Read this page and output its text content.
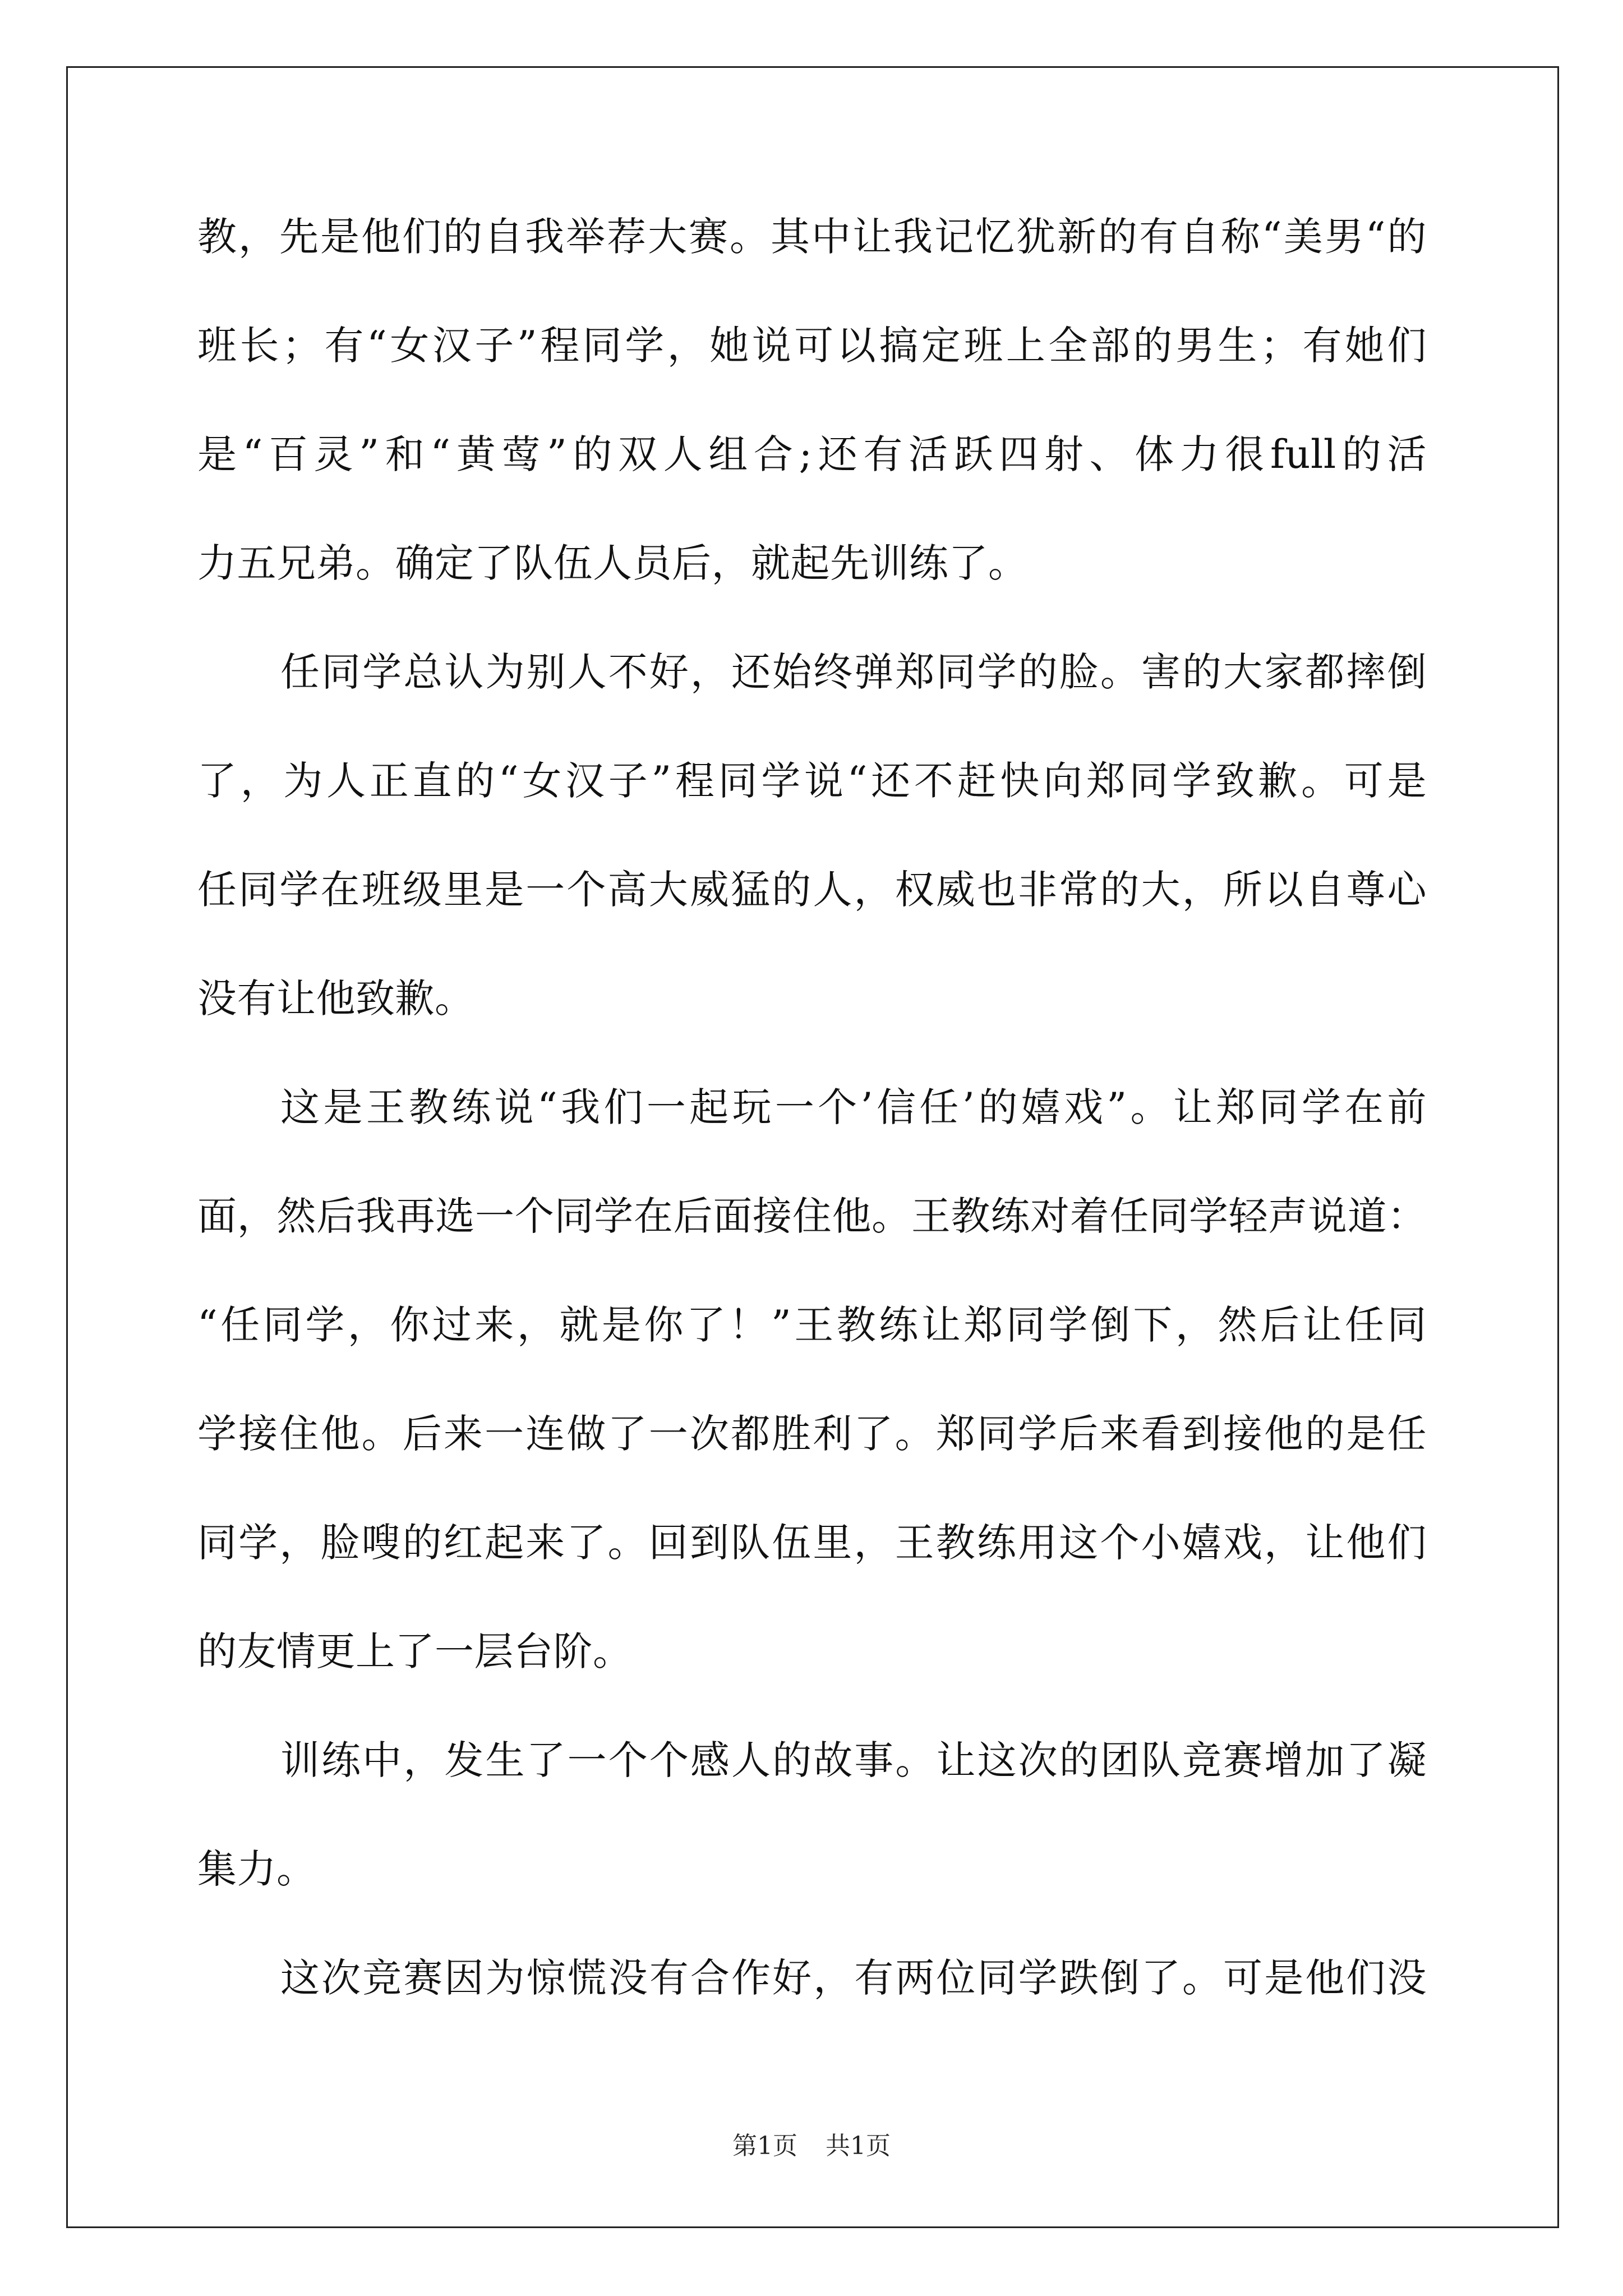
教，先是他们的自我举荐大赛。其中让我记忆犹新的有自称“美男“的
班长；有“女汉子”程同学，她说可以搞定班上全部的男生；有她们
是“百灵”和“黄莺”的双人组合;还有活跃四射、体力很full的活
力五兄弟。确定了队伍人员后，就起先训练了。
任同学总认为别人不好，还始终弹郑同学的脸。害的大家都摔倒
了，为人正直的“女汉子”程同学说“还不赶快向郑同学致歉。可是
任同学在班级里是一个高大威猛的人，权威也非常的大，所以自尊心
没有让他致歉。
这是王教练说“我们一起玩一个’信任’的嬉戏”。让郑同学在前
面，然后我再选一个同学在后面接住他。王教练对着任同学轻声说道：
“任同学，你过来，就是你了！”王教练让郑同学倒下，然后让任同
学接住他。后来一连做了一次都胜利了。郑同学后来看到接他的是任
同学，脸嗖的红起来了。回到队伍里，王教练用这个小嬉戏，让他们
的友情更上了一层台阶。
训练中，发生了一个个感人的故事。让这次的团队竞赛增加了凝
集力。
这次竞赛因为惊慌没有合作好，有两位同学跌倒了。可是他们没
第1页 共1页
